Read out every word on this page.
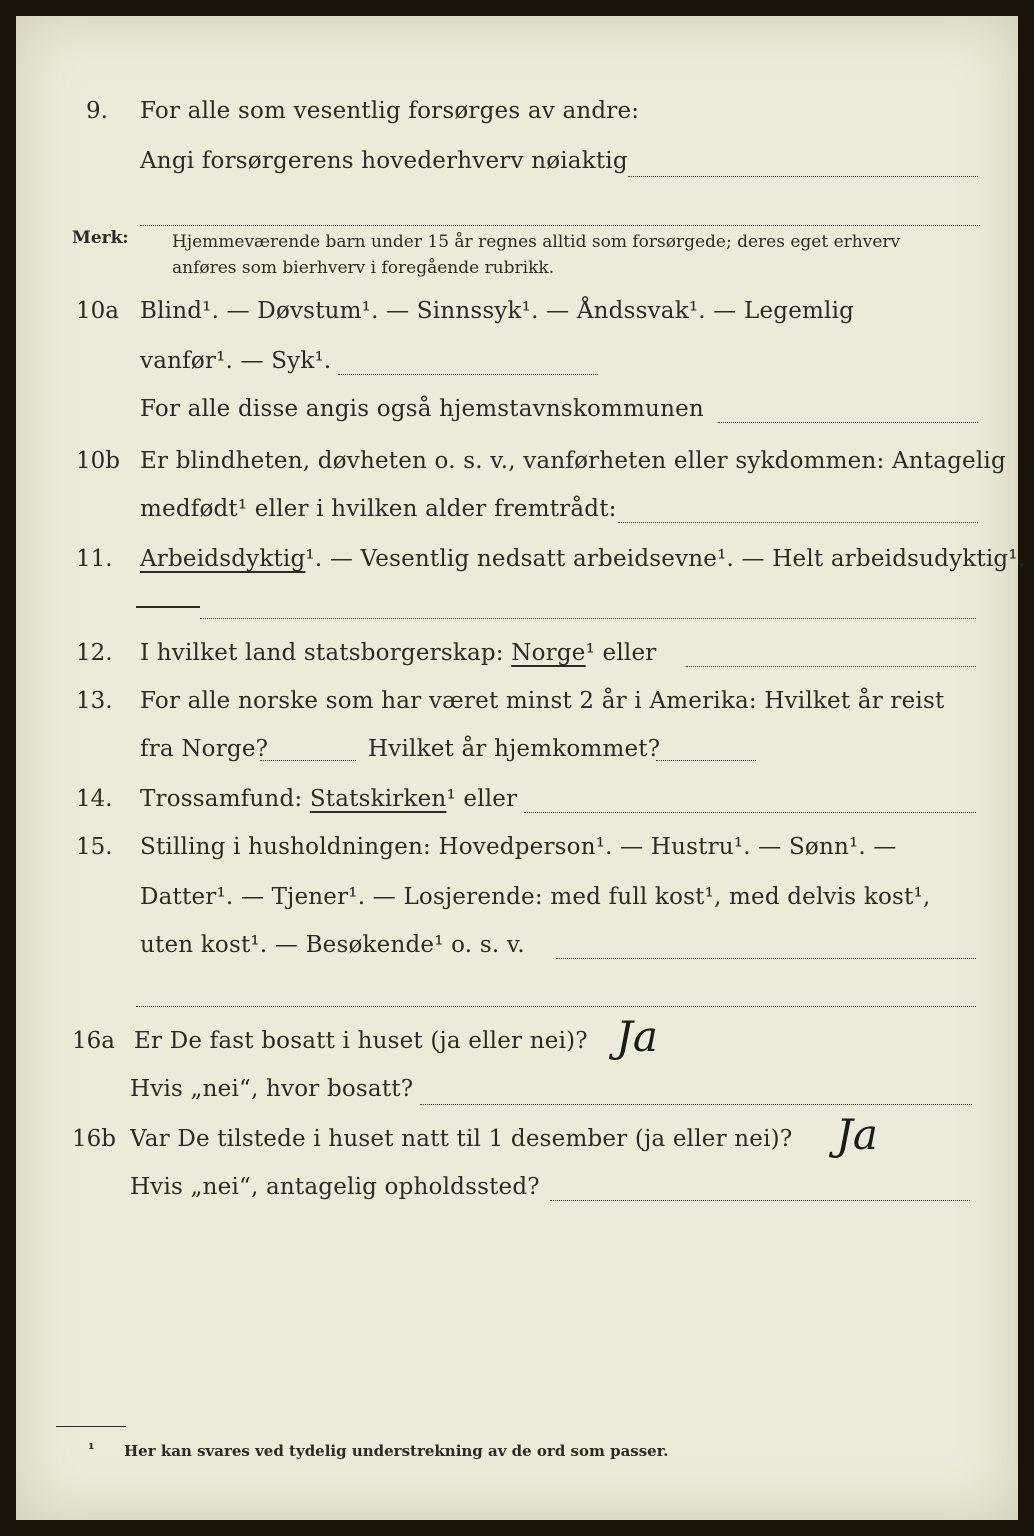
9. For alle som vesentlig forsørges av andre:
Angi forsørgerens hovederhverv nøiaktig
Merk:	Hjemmeværende barn under 15 år regnes alltid som forsørgede; deres eget erhverv
anføres som bierhverv i foregående rubrikk.
10a Blind¹. — Døvstum¹. — Sinnssyk¹. — Åndssvak¹. — Legemlig
vanfør¹. — Syk¹.
For alle disse angis også hjemstavnskommunen
10b Er blindheten, døvheten o. s. v., vanførheten eller sykdommen: Antagelig
medfødt¹ eller i hvilken alder fremtrådt:
11. Arbeidsdyktig¹. — Vesentlig nedsatt arbeidsevne¹. — Helt arbeidsudyktig¹.
12. I hvilket land statsborgerskap: Norge¹ eller
13. For alle norske som har været minst 2 år i Amerika: Hvilket år reist
fra Norge?	Hvilket år hjemkommet?
14. Trossamfund: Statskirken¹ eller
15. Stilling i husholdningen: Hovedperson¹. — Hustru¹. — Sønn¹. —
Datter¹. — Tjener¹. — Losjerende: med full kost¹, med delvis kost¹,
uten kost¹. — Besøkende¹ o. s. v.
16a Er De fast bosatt i huset (ja eller nei)? Ja
Hvis „nei“, hvor bosatt?
16b Var De tilstede i huset natt til 1 desember (ja eller nei)? Ja
Hvis „nei“, antagelig opholdssted?
¹ Her kan svares ved tydelig understrekning av de ord som passer.
